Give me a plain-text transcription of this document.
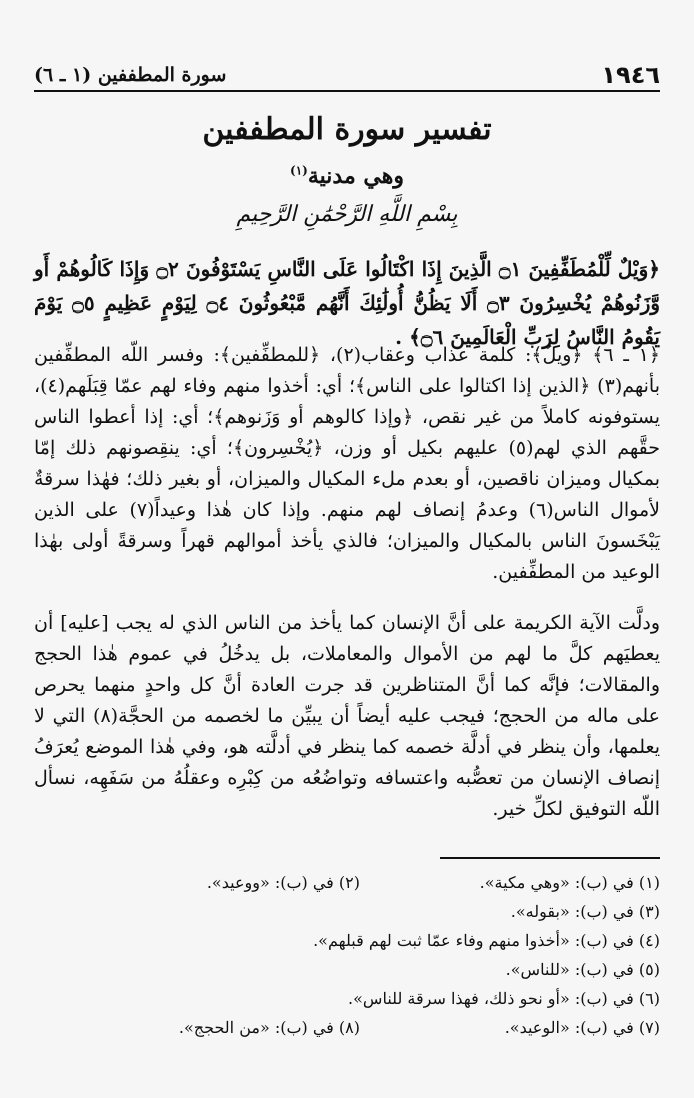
١٩٤٦
سورة المطففين (١ ـ ٦)
تفسير سورة المطففين
وهي مدنية$^{(١)}$
بِسْمِ اللَّهِ الرَّحْمَٰنِ الرَّحِيمِ
﴿وَيْلٌ لِّلْمُطَفِّفِينَ ۝١ الَّذِينَ إِذَا اكْتَالُوا عَلَى النَّاسِ يَسْتَوْفُونَ ۝٢ وَإِذَا كَالُوهُمْ أَو وَّزَنُوهُمْ يُخْسِرُونَ ۝٣ أَلَا يَظُنُّ أُولَٰئِكَ أَنَّهُم مَّبْعُوثُونَ ۝٤ لِيَوْمٍ عَظِيمٍ ۝٥ يَوْمَ يَقُومُ النَّاسُ لِرَبِّ الْعَالَمِينَ ۝٦﴾ .

﴿١ ـ ٦﴾ ﴿ويلٌ﴾: كلمة عذاب وعقاب(٢)، ﴿للمطفِّفين﴾: وفسر اللّه المطفِّفين بأنهم(٣) ﴿الذين إذا اكتالوا على الناس﴾؛ أي: أخذوا منهم وفاء لهم عمّا قِبَلَهم(٤)، يستوفونه كاملاً من غير نقص، ﴿وإذا كالوهم أو وَزَنوهم﴾؛ أي: إذا أعطوا الناس حقَّهم الذي لهم(٥) عليهم بكيل أو وزن، ﴿يُخْسِرون﴾؛ أي: ينقِصونهم ذلك إمّا بمكيال وميزان ناقصين، أو بعدم ملء المكيال والميزان، أو بغير ذلك؛ فهٰذا سرقةٌ لأموال الناس(٦) وعدمُ إنصاف لهم منهم. وإذا كان هٰذا وعيداً(٧) على الذين يَبْخَسونَ الناس بالمكيال والميزان؛ فالذي يأخذ أموالهم قهراً وسرقةً أولى بهٰذا الوعيد من المطفِّفين.

ودلَّت الآية الكريمة على أنَّ الإنسان كما يأخذ من الناس الذي له يجب [عليه] أن يعطيَهم كلَّ ما لهم من الأموال والمعاملات، بل يدخُلُ في عموم هٰذا الحجج والمقالات؛ فإنَّه كما أنَّ المتناظرين قد جرت العادة أنَّ كل واحدٍ منهما يحرص على ماله من الحجج؛ فيجب عليه أيضاً أن يبيِّن ما لخصمه من الحجَّة(٨) التي لا يعلمها، وأن ينظر في أدلَّة خصمه كما ينظر في أدلَّته هو، وفي هٰذا الموضع يُعرَفُ إنصاف الإنسان من تعصُّبه واعتسافه وتواضُعُه من كِبْرِه وعقلُهُ من سَفَهِه، نسأل اللّه التوفيق لكلِّ خير.

(١) في (ب): «وهي مكية».
(٢) في (ب): «ووعيد».
(٣) في (ب): «بقوله».
(٤) في (ب): «أخذوا منهم وفاء عمّا ثبت لهم قبلهم».
(٥) في (ب): «للناس».
(٦) في (ب): «أو نحو ذلك، فهذا سرقة للناس».
(٧) في (ب): «الوعيد».
(٨) في (ب): «من الحجج».
